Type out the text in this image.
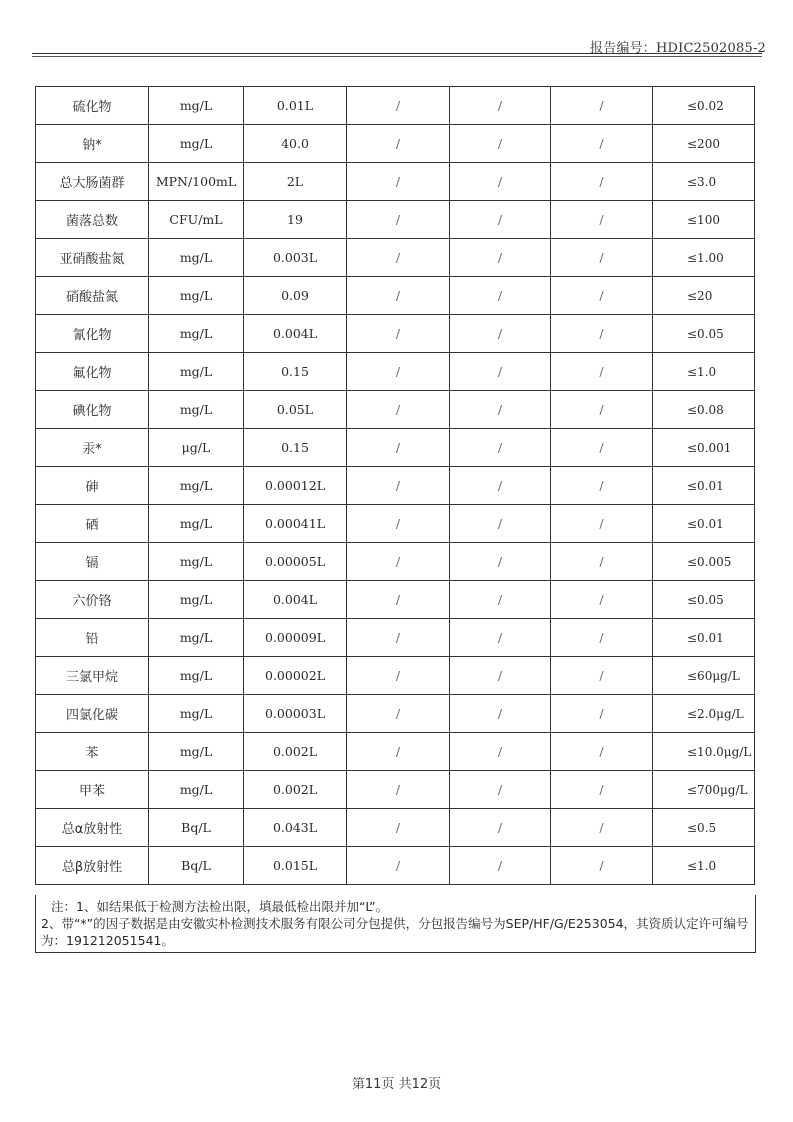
报告编号：HDIC2502085-2
硫化物	mg/L	0.01L	/	/	/	≤0.02
钠*	mg/L	40.0	/	/	/	≤200
总大肠菌群	MPN/100mL	2L	/	/	/	≤3.0
菌落总数	CFU/mL	19	/	/	/	≤100
亚硝酸盐氮	mg/L	0.003L	/	/	/	≤1.00
硝酸盐氮	mg/L	0.09	/	/	/	≤20
氰化物	mg/L	0.004L	/	/	/	≤0.05
氟化物	mg/L	0.15	/	/	/	≤1.0
碘化物	mg/L	0.05L	/	/	/	≤0.08
汞*	μg/L	0.15	/	/	/	≤0.001
砷	mg/L	0.00012L	/	/	/	≤0.01
硒	mg/L	0.00041L	/	/	/	≤0.01
镉	mg/L	0.00005L	/	/	/	≤0.005
六价铬	mg/L	0.004L	/	/	/	≤0.05
铅	mg/L	0.00009L	/	/	/	≤0.01
三氯甲烷	mg/L	0.00002L	/	/	/	≤60μg/L
四氯化碳	mg/L	0.00003L	/	/	/	≤2.0μg/L
苯	mg/L	0.002L	/	/	/	≤10.0μg/L
甲苯	mg/L	0.002L	/	/	/	≤700μg/L
总α放射性	Bq/L	0.043L	/	/	/	≤0.5
总β放射性	Bq/L	0.015L	/	/	/	≤1.0

注：1、如结果低于检测方法检出限，填最低检出限并加“L”。

2、带“*”的因子数据是由安徽实朴检测技术服务有限公司分包提供，分包报告编号为SEP/HF/G/E253054，其资质认定许可编号为：191212051541。

第11页 共12页
